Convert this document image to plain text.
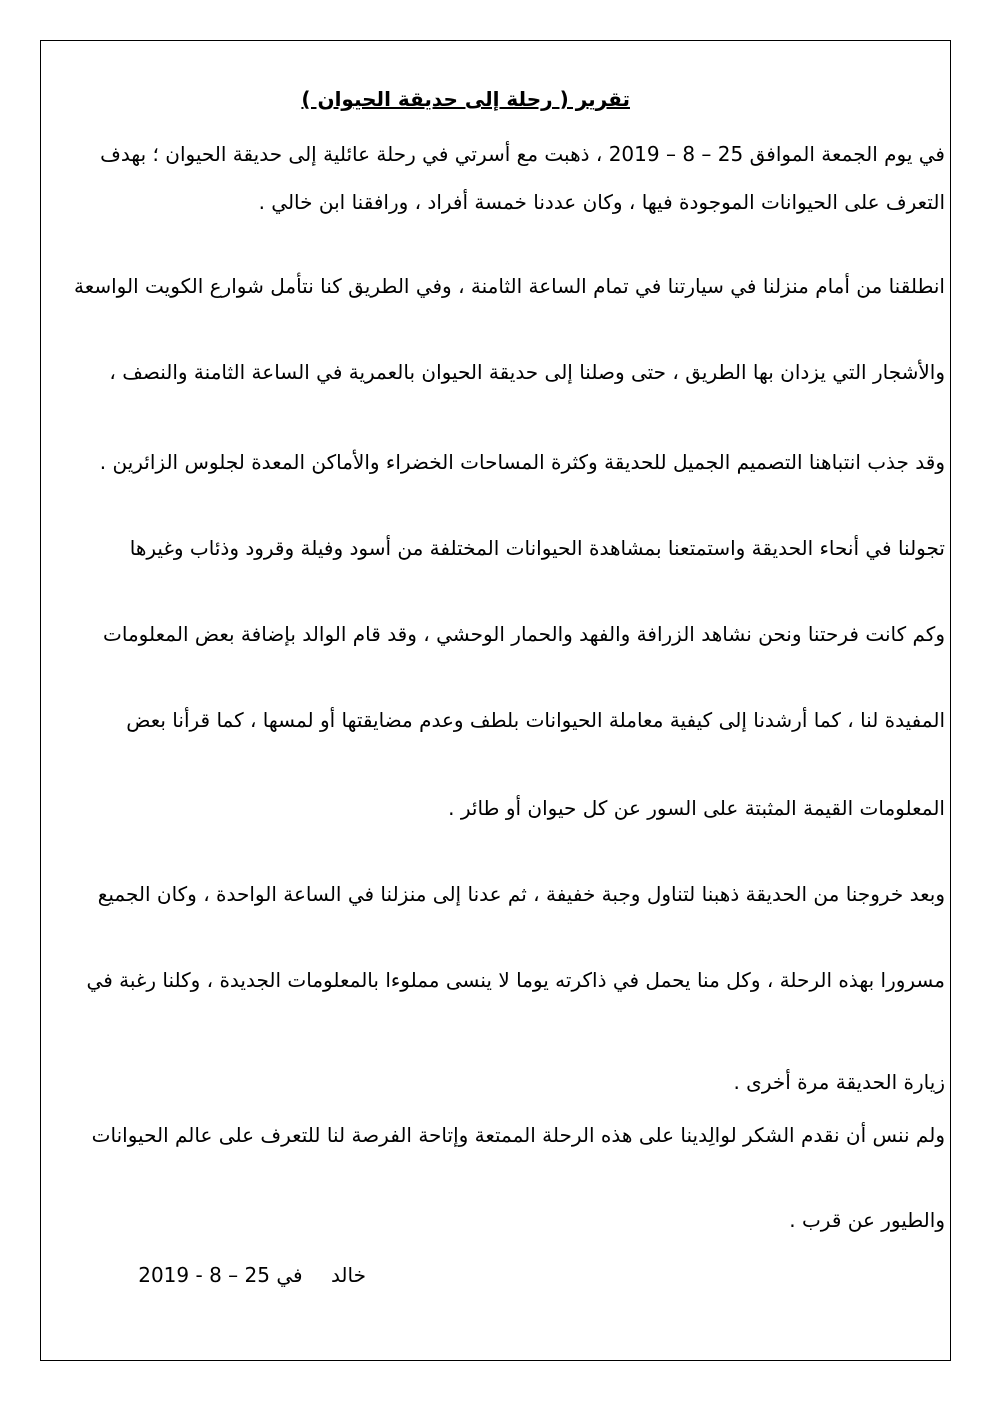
تقرير ( رحلة إلى حديقة الحيوان )
في يوم الجمعة الموافق 25 – 8 – 2019 ، ذهبت مع أسرتي في رحلة عائلية إلى حديقة الحيوان ؛ بهدف
التعرف على الحيوانات الموجودة فيها ، وكان عددنا خمسة أفراد ، ورافقنا ابن خالي .
انطلقنا من أمام منزلنا في سيارتنا في تمام الساعة الثامنة ، وفي الطريق كنا نتأمل شوارع الكويت الواسعة
والأشجار التي يزدان بها الطريق ، حتى وصلنا إلى حديقة الحيوان بالعمرية في الساعة الثامنة والنصف ،
وقد جذب انتباهنا التصميم الجميل للحديقة وكثرة المساحات الخضراء والأماكن المعدة لجلوس الزائرين .
تجولنا في أنحاء الحديقة واستمتعنا بمشاهدة الحيوانات المختلفة من أسود وفيلة وقرود وذئاب وغيرها
وكم كانت فرحتنا ونحن نشاهد الزرافة والفهد والحمار الوحشي ، وقد قام الوالد بإضافة بعض المعلومات
المفيدة لنا ، كما أرشدنا إلى كيفية معاملة الحيوانات بلطف وعدم مضايقتها أو لمسها ، كما قرأنا بعض
المعلومات القيمة المثبتة على السور عن كل حيوان أو طائر .
وبعد خروجنا من الحديقة ذهبنا لتناول وجبة خفيفة ، ثم عدنا إلى منزلنا في الساعة الواحدة ، وكان الجميع
مسرورا بهذه الرحلة ، وكل منا يحمل في ذاكرته يوما لا ينسى مملوءا بالمعلومات الجديدة ، وكلنا رغبة في
زيارة الحديقة مرة أخرى .
ولم ننس أن نقدم الشكر لوالِدينا على هذه الرحلة الممتعة وإتاحة الفرصة لنا للتعرف على عالم الحيوانات
والطيور عن قرب .
خالد في 25 – 8 - 2019
